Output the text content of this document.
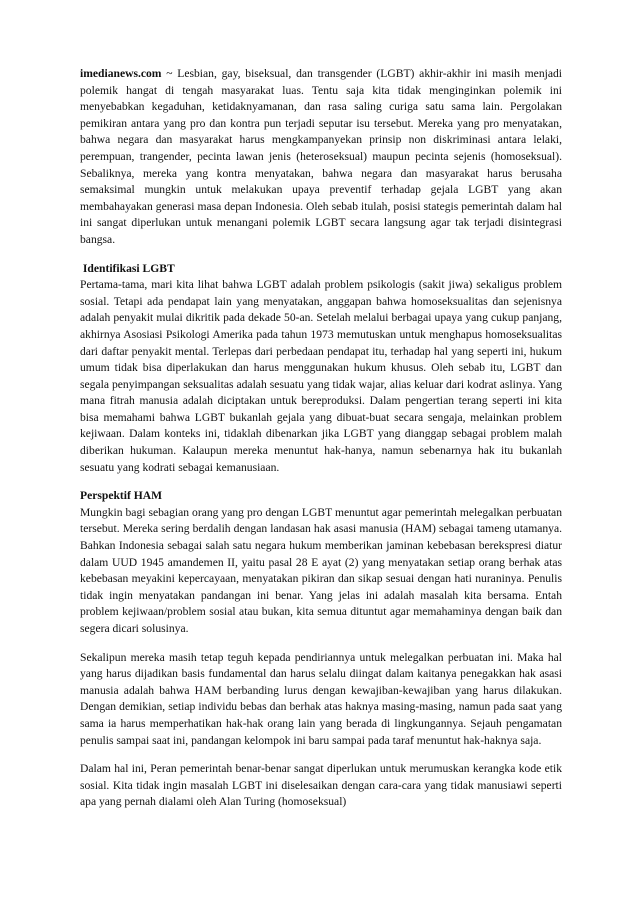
imedianews.com ~ Lesbian, gay, biseksual, dan transgender (LGBT) akhir-akhir ini masih menjadi polemik hangat di tengah masyarakat luas. Tentu saja kita tidak menginginkan polemik ini menyebabkan kegaduhan, ketidaknyamanan, dan rasa saling curiga satu sama lain. Pergolakan pemikiran antara yang pro dan kontra pun terjadi seputar isu tersebut. Mereka yang pro menyatakan, bahwa negara dan masyarakat harus mengkampanyekan prinsip non diskriminasi antara lelaki, perempuan, trangender, pecinta lawan jenis (heteroseksual) maupun pecinta sejenis (homoseksual). Sebaliknya, mereka yang kontra menyatakan, bahwa negara dan masyarakat harus berusaha semaksimal mungkin untuk melakukan upaya preventif terhadap gejala LGBT yang akan membahayakan generasi masa depan Indonesia. Oleh sebab itulah, posisi stategis pemerintah dalam hal ini sangat diperlukan untuk menangani polemik LGBT secara langsung agar tak terjadi disintegrasi bangsa.

Identifikasi LGBT

Pertama-tama, mari kita lihat bahwa LGBT adalah problem psikologis (sakit jiwa) sekaligus problem sosial. Tetapi ada pendapat lain yang menyatakan, anggapan bahwa homoseksualitas dan sejenisnya adalah penyakit mulai dikritik pada dekade 50-an. Setelah melalui berbagai upaya yang cukup panjang, akhirnya Asosiasi Psikologi Amerika pada tahun 1973 memutuskan untuk menghapus homoseksualitas dari daftar penyakit mental. Terlepas dari perbedaan pendapat itu, terhadap hal yang seperti ini, hukum umum tidak bisa diperlakukan dan harus menggunakan hukum khusus. Oleh sebab itu, LGBT dan segala penyimpangan seksualitas adalah sesuatu yang tidak wajar, alias keluar dari kodrat aslinya. Yang mana fitrah manusia adalah diciptakan untuk bereproduksi. Dalam pengertian terang seperti ini kita bisa memahami bahwa LGBT bukanlah gejala yang dibuat-buat secara sengaja, melainkan problem kejiwaan. Dalam konteks ini, tidaklah dibenarkan jika LGBT yang dianggap sebagai problem malah diberikan hukuman. Kalaupun mereka menuntut hak-hanya, namun sebenarnya hak itu bukanlah sesuatu yang kodrati sebagai kemanusiaan.

Perspektif HAM

Mungkin bagi sebagian orang yang pro dengan LGBT menuntut agar pemerintah melegalkan perbuatan tersebut. Mereka sering berdalih dengan landasan hak asasi manusia (HAM) sebagai tameng utamanya. Bahkan Indonesia sebagai salah satu negara hukum memberikan jaminan kebebasan berekspresi diatur dalam UUD 1945 amandemen II, yaitu pasal 28 E ayat (2) yang menyatakan setiap orang berhak atas kebebasan meyakini kepercayaan, menyatakan pikiran dan sikap sesuai dengan hati nuraninya. Penulis tidak ingin menyatakan pandangan ini benar. Yang jelas ini adalah masalah kita bersama. Entah problem kejiwaan/problem sosial atau bukan, kita semua dituntut agar memahaminya dengan baik dan segera dicari solusinya.

Sekalipun mereka masih tetap teguh kepada pendiriannya untuk melegalkan perbuatan ini. Maka hal yang harus dijadikan basis fundamental dan harus selalu diingat dalam kaitanya penegakkan hak asasi manusia adalah bahwa HAM berbanding lurus dengan kewajiban-kewajiban yang harus dilakukan. Dengan demikian, setiap individu bebas dan berhak atas haknya masing-masing, namun pada saat yang sama ia harus memperhatikan hak-hak orang lain yang berada di lingkungannya. Sejauh pengamatan penulis sampai saat ini, pandangan kelompok ini baru sampai pada taraf menuntut hak-haknya saja.

Dalam hal ini, Peran pemerintah benar-benar sangat diperlukan untuk merumuskan kerangka kode etik sosial. Kita tidak ingin masalah LGBT ini diselesaikan dengan cara-cara yang tidak manusiawi seperti apa yang pernah dialami oleh Alan Turing (homoseksual)
